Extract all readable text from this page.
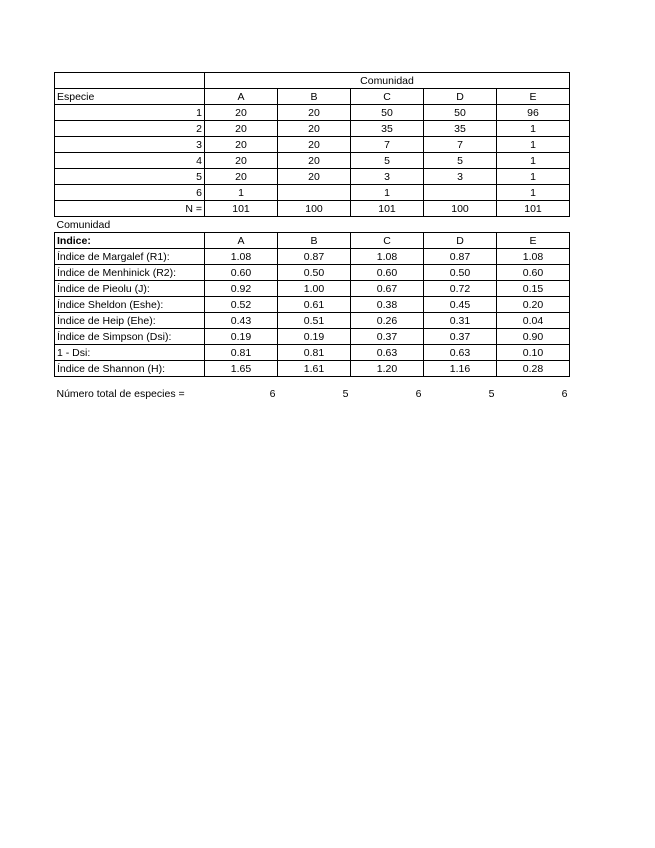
	Comunidad				
Especie	A	B	C	D	E
1	20	20	50	50	96
2	20	20	35	35	1
3	20	20	7	7	1
4	20	20	5	5	1
5	20	20	3	3	1
6	1		1		1
N =	101	100	101	100	101
Comunidad					
Indice:	A	B	C	D	E
Índice de Margalef (R1):	1.08	0.87	1.08	0.87	1.08
Índice de Menhinick (R2):	0.60	0.50	0.60	0.50	0.60
Índice de Pieolu (J):	0.92	1.00	0.67	0.72	0.15
Índice Sheldon (Eshe):	0.52	0.61	0.38	0.45	0.20
Índice de Heip (Ehe):	0.43	0.51	0.26	0.31	0.04
Índice de Simpson (Dsi):	0.19	0.19	0.37	0.37	0.90
1 - Dsi:	0.81	0.81	0.63	0.63	0.10
Índice de Shannon (H):	1.65	1.61	1.20	1.16	0.28

Número total de especies =	6	5	6	5	6
